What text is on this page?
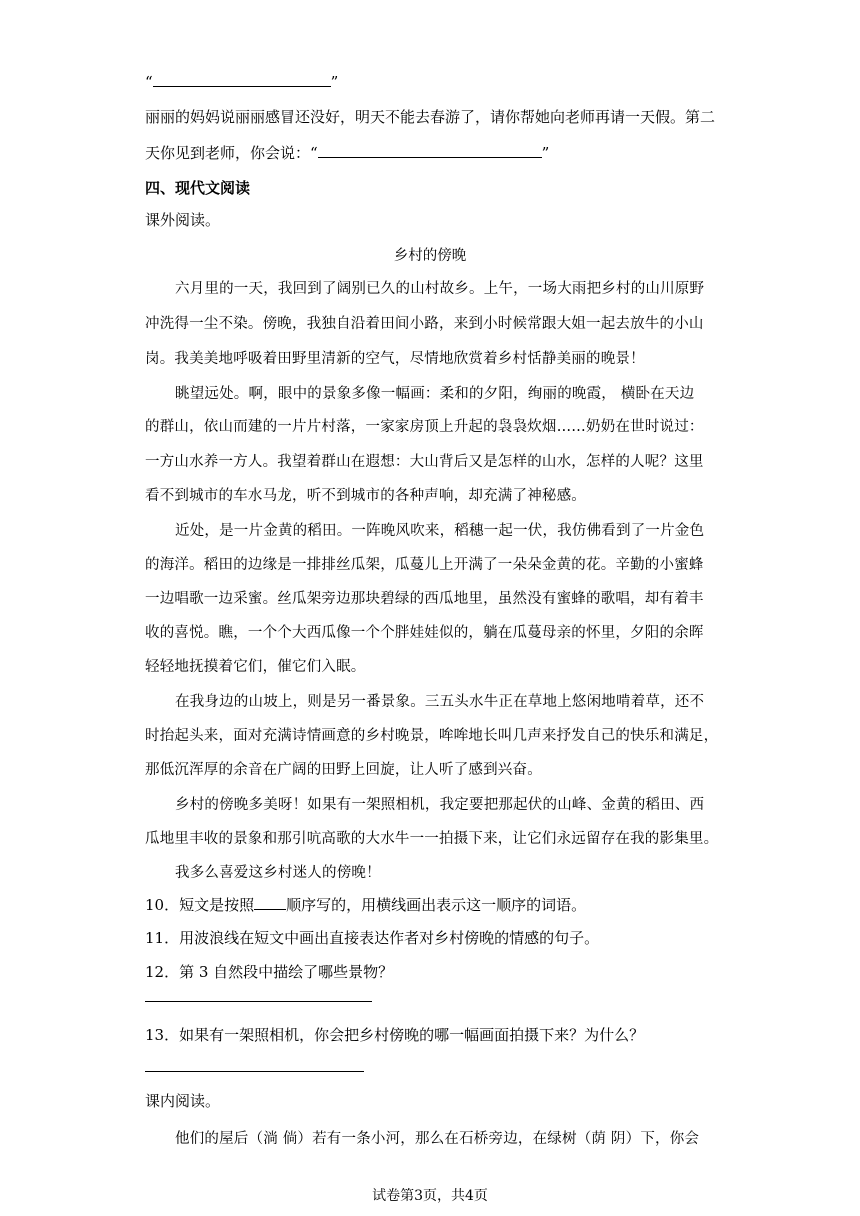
“	”
丽丽的妈妈说丽丽感冒还没好，明天不能去春游了，请你帮她向老师再请一天假。第二
天你见到老师，你会说：“	”
四、现代文阅读
课外阅读。
乡村的傍晚
六月里的一天，我回到了阔别已久的山村故乡。上午，一场大雨把乡村的山川原野
冲洗得一尘不染。傍晚，我独自沿着田间小路，来到小时候常跟大姐一起去放牛的小山
岗。我美美地呼吸着田野里清新的空气，尽情地欣赏着乡村恬静美丽的晚景！
眺望远处。啊，眼中的景象多像一幅画：柔和的夕阳，绚丽的晚霞， 横卧在天边
的群山，依山而建的一片片村落，一家家房顶上升起的袅袅炊烟……奶奶在世时说过：
一方山水养一方人。我望着群山在遐想：大山背后又是怎样的山水，怎样的人呢？这里
看不到城市的车水马龙，听不到城市的各种声响，却充满了神秘感。
近处，是一片金黄的稻田。一阵晚风吹来，稻穗一起一伏，我仿佛看到了一片金色
的海洋。稻田的边缘是一排排丝瓜架，瓜蔓儿上开满了一朵朵金黄的花。辛勤的小蜜蜂
一边唱歌一边采蜜。丝瓜架旁边那块碧绿的西瓜地里，虽然没有蜜蜂的歌唱，却有着丰
收的喜悦。瞧，一个个大西瓜像一个个胖娃娃似的，躺在瓜蔓母亲的怀里，夕阳的余晖
轻轻地抚摸着它们，催它们入眠。
在我身边的山坡上，则是另一番景象。三五头水牛正在草地上悠闲地啃着草，还不
时抬起头来，面对充满诗情画意的乡村晚景，哞哞地长叫几声来抒发自己的快乐和满足，
那低沉浑厚的余音在广阔的田野上回旋，让人听了感到兴奋。
乡村的傍晚多美呀！如果有一架照相机，我定要把那起伏的山峰、金黄的稻田、西
瓜地里丰收的景象和那引吭高歌的大水牛一一拍摄下来，让它们永远留存在我的影集里。
我多么喜爱这乡村迷人的傍晚！
10．短文是按照 顺序写的，用横线画出表示这一顺序的词语。
11．用波浪线在短文中画出直接表达作者对乡村傍晚的情感的句子。
12．第 3 自然段中描绘了哪些景物？
13．如果有一架照相机，你会把乡村傍晚的哪一幅画面拍摄下来？为什么？
课内阅读。
他们的屋后（淌 倘）若有一条小河，那么在石桥旁边，在绿树（荫 阴）下，你会
试卷第3页，共4页
